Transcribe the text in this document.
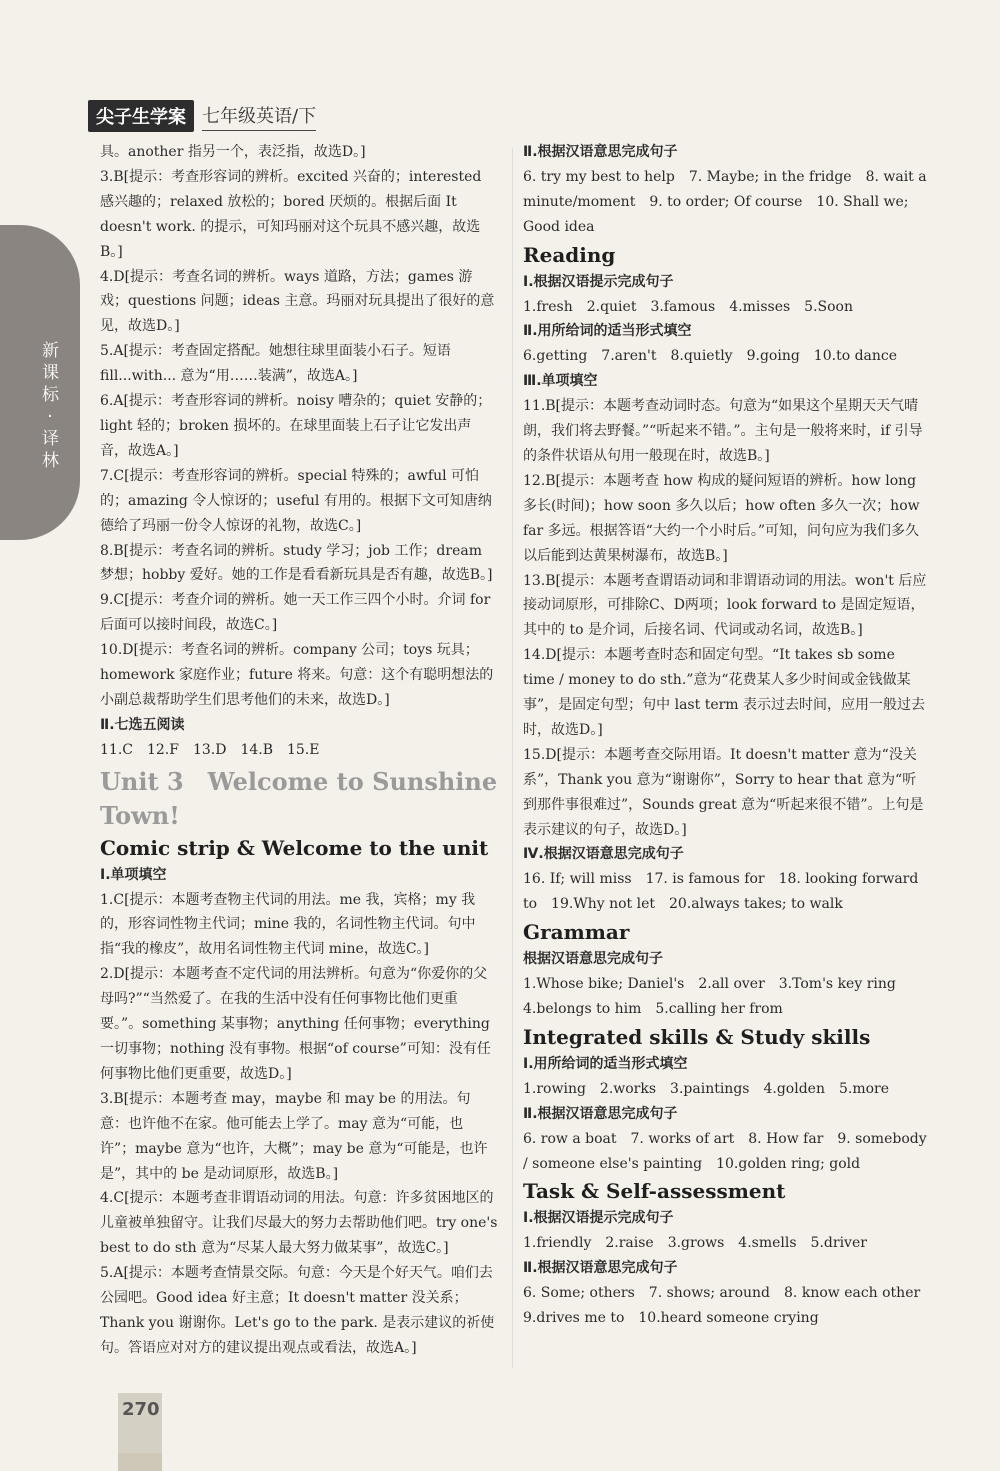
新课标·译林
尖子生学案 七年级英语/下

具。another 指另一个，表泛指，故选D。]

3.B[提示：考查形容词的辨析。excited 兴奋的；interested 感兴趣的；relaxed 放松的；bored 厌烦的。根据后面 It doesn't work. 的提示，可知玛丽对这个玩具不感兴趣，故选B。]

4.D[提示：考查名词的辨析。ways 道路，方法；games 游戏；questions 问题；ideas 主意。玛丽对玩具提出了很好的意见，故选D。]

5.A[提示：考查固定搭配。她想往球里面装小石子。短语 fill...with... 意为“用……装满”，故选A。]

6.A[提示：考查形容词的辨析。noisy 嘈杂的；quiet 安静的；light 轻的；broken 损坏的。在球里面装上石子让它发出声音，故选A。]

7.C[提示：考查形容词的辨析。special 特殊的；awful 可怕的；amazing 令人惊讶的；useful 有用的。根据下文可知唐纳德给了玛丽一份令人惊讶的礼物，故选C。]

8.B[提示：考查名词的辨析。study 学习；job 工作；dream 梦想；hobby 爱好。她的工作是看看新玩具是否有趣，故选B。]

9.C[提示：考查介词的辨析。她一天工作三四个小时。介词 for 后面可以接时间段，故选C。]

10.D[提示：考查名词的辨析。company 公司；toys 玩具；homework 家庭作业；future 将来。句意：这个有聪明想法的小副总裁帮助学生们思考他们的未来，故选D。]

Ⅱ.七选五阅读

11.C　12.F　13.D　14.B　15.E

Unit 3　Welcome to Sunshine Town!

Comic strip & Welcome to the unit

Ⅰ.单项填空

1.C[提示：本题考查物主代词的用法。me 我，宾格；my 我的，形容词性物主代词；mine 我的，名词性物主代词。句中指“我的橡皮”，故用名词性物主代词 mine，故选C。]

2.D[提示：本题考查不定代词的用法辨析。句意为“你爱你的父母吗?”“当然爱了。在我的生活中没有任何事物比他们更重要。”。something 某事物；anything 任何事物；everything 一切事物；nothing 没有事物。根据“of course”可知：没有任何事物比他们更重要，故选D。]

3.B[提示：本题考查 may，maybe 和 may be 的用法。句意：也许他不在家。他可能去上学了。may 意为“可能，也许”；maybe 意为“也许，大概”；may be 意为“可能是，也许是”，其中的 be 是动词原形，故选B。]

4.C[提示：本题考查非谓语动词的用法。句意：许多贫困地区的儿童被单独留守。让我们尽最大的努力去帮助他们吧。try one's best to do sth 意为“尽某人最大努力做某事”，故选C。]

5.A[提示：本题考查情景交际。句意：今天是个好天气。咱们去公园吧。Good idea 好主意；It doesn't matter 没关系；Thank you 谢谢你。Let's go to the park. 是表示建议的祈使句。答语应对对方的建议提出观点或看法，故选A。]

Ⅱ.根据汉语意思完成句子

6. try my best to help　7. Maybe; in the fridge　8. wait a minute/moment　9. to order; Of course　10. Shall we; Good idea

Reading

Ⅰ.根据汉语提示完成句子

1.fresh　2.quiet　3.famous　4.misses　5.Soon

Ⅱ.用所给词的适当形式填空

6.getting　7.aren't　8.quietly　9.going　10.to dance

Ⅲ.单项填空

11.B[提示：本题考查动词时态。句意为“如果这个星期天天气晴朗，我们将去野餐。”“听起来不错。”。主句是一般将来时，if 引导的条件状语从句用一般现在时，故选B。]

12.B[提示：本题考查 how 构成的疑问短语的辨析。how long 多长(时间)；how soon 多久以后；how often 多久一次；how far 多远。根据答语“大约一个小时后。”可知，问句应为我们多久以后能到达黄果树瀑布，故选B。]

13.B[提示：本题考查谓语动词和非谓语动词的用法。won't 后应接动词原形，可排除C、D两项；look forward to 是固定短语，其中的 to 是介词，后接名词、代词或动名词，故选B。]

14.D[提示：本题考查时态和固定句型。“It takes sb some time / money to do sth.”意为“花费某人多少时间或金钱做某事”，是固定句型；句中 last term 表示过去时间，应用一般过去时，故选D。]

15.D[提示：本题考查交际用语。It doesn't matter 意为“没关系”，Thank you 意为“谢谢你”，Sorry to hear that 意为“听到那件事很难过”，Sounds great 意为“听起来很不错”。上句是表示建议的句子，故选D。]

Ⅳ.根据汉语意思完成句子

16. If; will miss　17. is famous for　18. looking forward to　19.Why not let　20.always takes; to walk

Grammar

根据汉语意思完成句子

1.Whose bike; Daniel's　2.all over　3.Tom's key ring　4.belongs to him　5.calling her from

Integrated skills & Study skills

Ⅰ.用所给词的适当形式填空

1.rowing　2.works　3.paintings　4.golden　5.more

Ⅱ.根据汉语意思完成句子

6. row a boat　7. works of art　8. How far　9. somebody / someone else's painting　10.golden ring; gold

Task & Self-assessment

Ⅰ.根据汉语提示完成句子

1.friendly　2.raise　3.grows　4.smells　5.driver

Ⅱ.根据汉语意思完成句子

6. Some; others　7. shows; around　8. know each other　9.drives me to　10.heard someone crying

270
